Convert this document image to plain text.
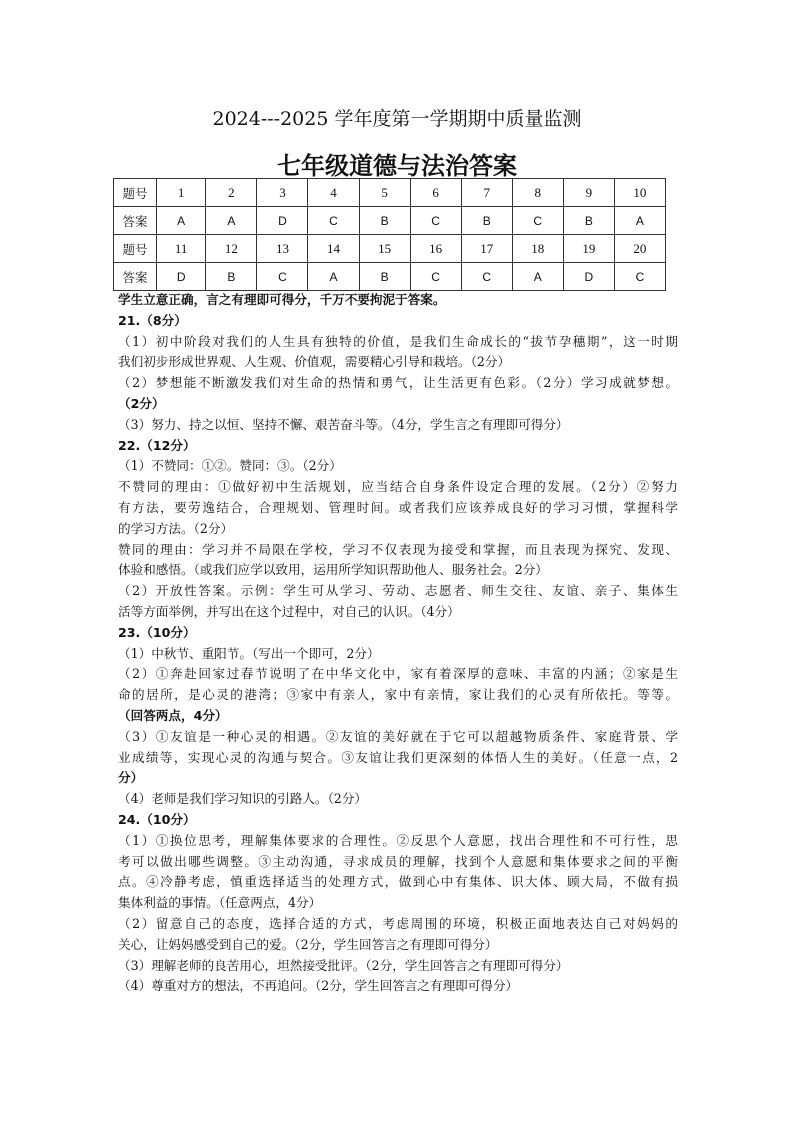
2024---2025 学年度第一学期期中质量监测
七年级道德与法治答案
题号	1	2	3	4	5	6	7	8	9	10
答案	A	A	D	C	B	C	B	C	B	A
题号	11	12	13	14	15	16	17	18	19	20
答案	D	B	C	A	B	C	C	A	D	C
学生立意正确，言之有理即可得分，千万不要拘泥于答案。
21.（8分）
（1）初中阶段对我们的人生具有独特的价值，是我们生命成长的“拔节孕穗期”，这一时期
我们初步形成世界观、人生观、价值观，需要精心引导和栽培。（2分）
（2）梦想能不断激发我们对生命的热情和勇气，让生活更有色彩。（2分）学习成就梦想。
（2分）
（3）努力、持之以恒、坚持不懈、艰苦奋斗等。（4分，学生言之有理即可得分）
22.（12分）
（1）不赞同：①②。赞同：③。（2分）
不赞同的理由：①做好初中生活规划，应当结合自身条件设定合理的发展。（2分）②努力
有方法，要劳逸结合，合理规划、管理时间。或者我们应该养成良好的学习习惯，掌握科学
的学习方法。（2分）
赞同的理由：学习并不局限在学校，学习不仅表现为接受和掌握，而且表现为探究、发现、
体验和感悟。（或我们应学以致用，运用所学知识帮助他人、服务社会。2分）
（2）开放性答案。示例：学生可从学习、劳动、志愿者、师生交往、友谊、亲子、集体生
活等方面举例，并写出在这个过程中，对自己的认识。（4分）
23.（10分）
（1）中秋节、重阳节。（写出一个即可，2分）
（2）①奔赴回家过春节说明了在中华文化中，家有着深厚的意味、丰富的内涵；②家是生
命的居所，是心灵的港湾；③家中有亲人，家中有亲情，家让我们的心灵有所依托。等等。
（回答两点，4分）
（3）①友谊是一种心灵的相遇。②友谊的美好就在于它可以超越物质条件、家庭背景、学
业成绩等，实现心灵的沟通与契合。③友谊让我们更深刻的体悟人生的美好。（任意一点，2
分）
（4）老师是我们学习知识的引路人。（2分）
24.（10分）
（1）①换位思考，理解集体要求的合理性。②反思个人意愿，找出合理性和不可行性，思
考可以做出哪些调整。③主动沟通，寻求成员的理解，找到个人意愿和集体要求之间的平衡
点。④冷静考虑，慎重选择适当的处理方式，做到心中有集体、识大体、顾大局，不做有损
集体利益的事情。（任意两点，4分）
（2）留意自己的态度，选择合适的方式，考虑周围的环境，积极正面地表达自己对妈妈的
关心，让妈妈感受到自己的爱。（2分，学生回答言之有理即可得分）
（3）理解老师的良苦用心，坦然接受批评。（2分，学生回答言之有理即可得分）
（4）尊重对方的想法，不再追问。（2分，学生回答言之有理即可得分）
